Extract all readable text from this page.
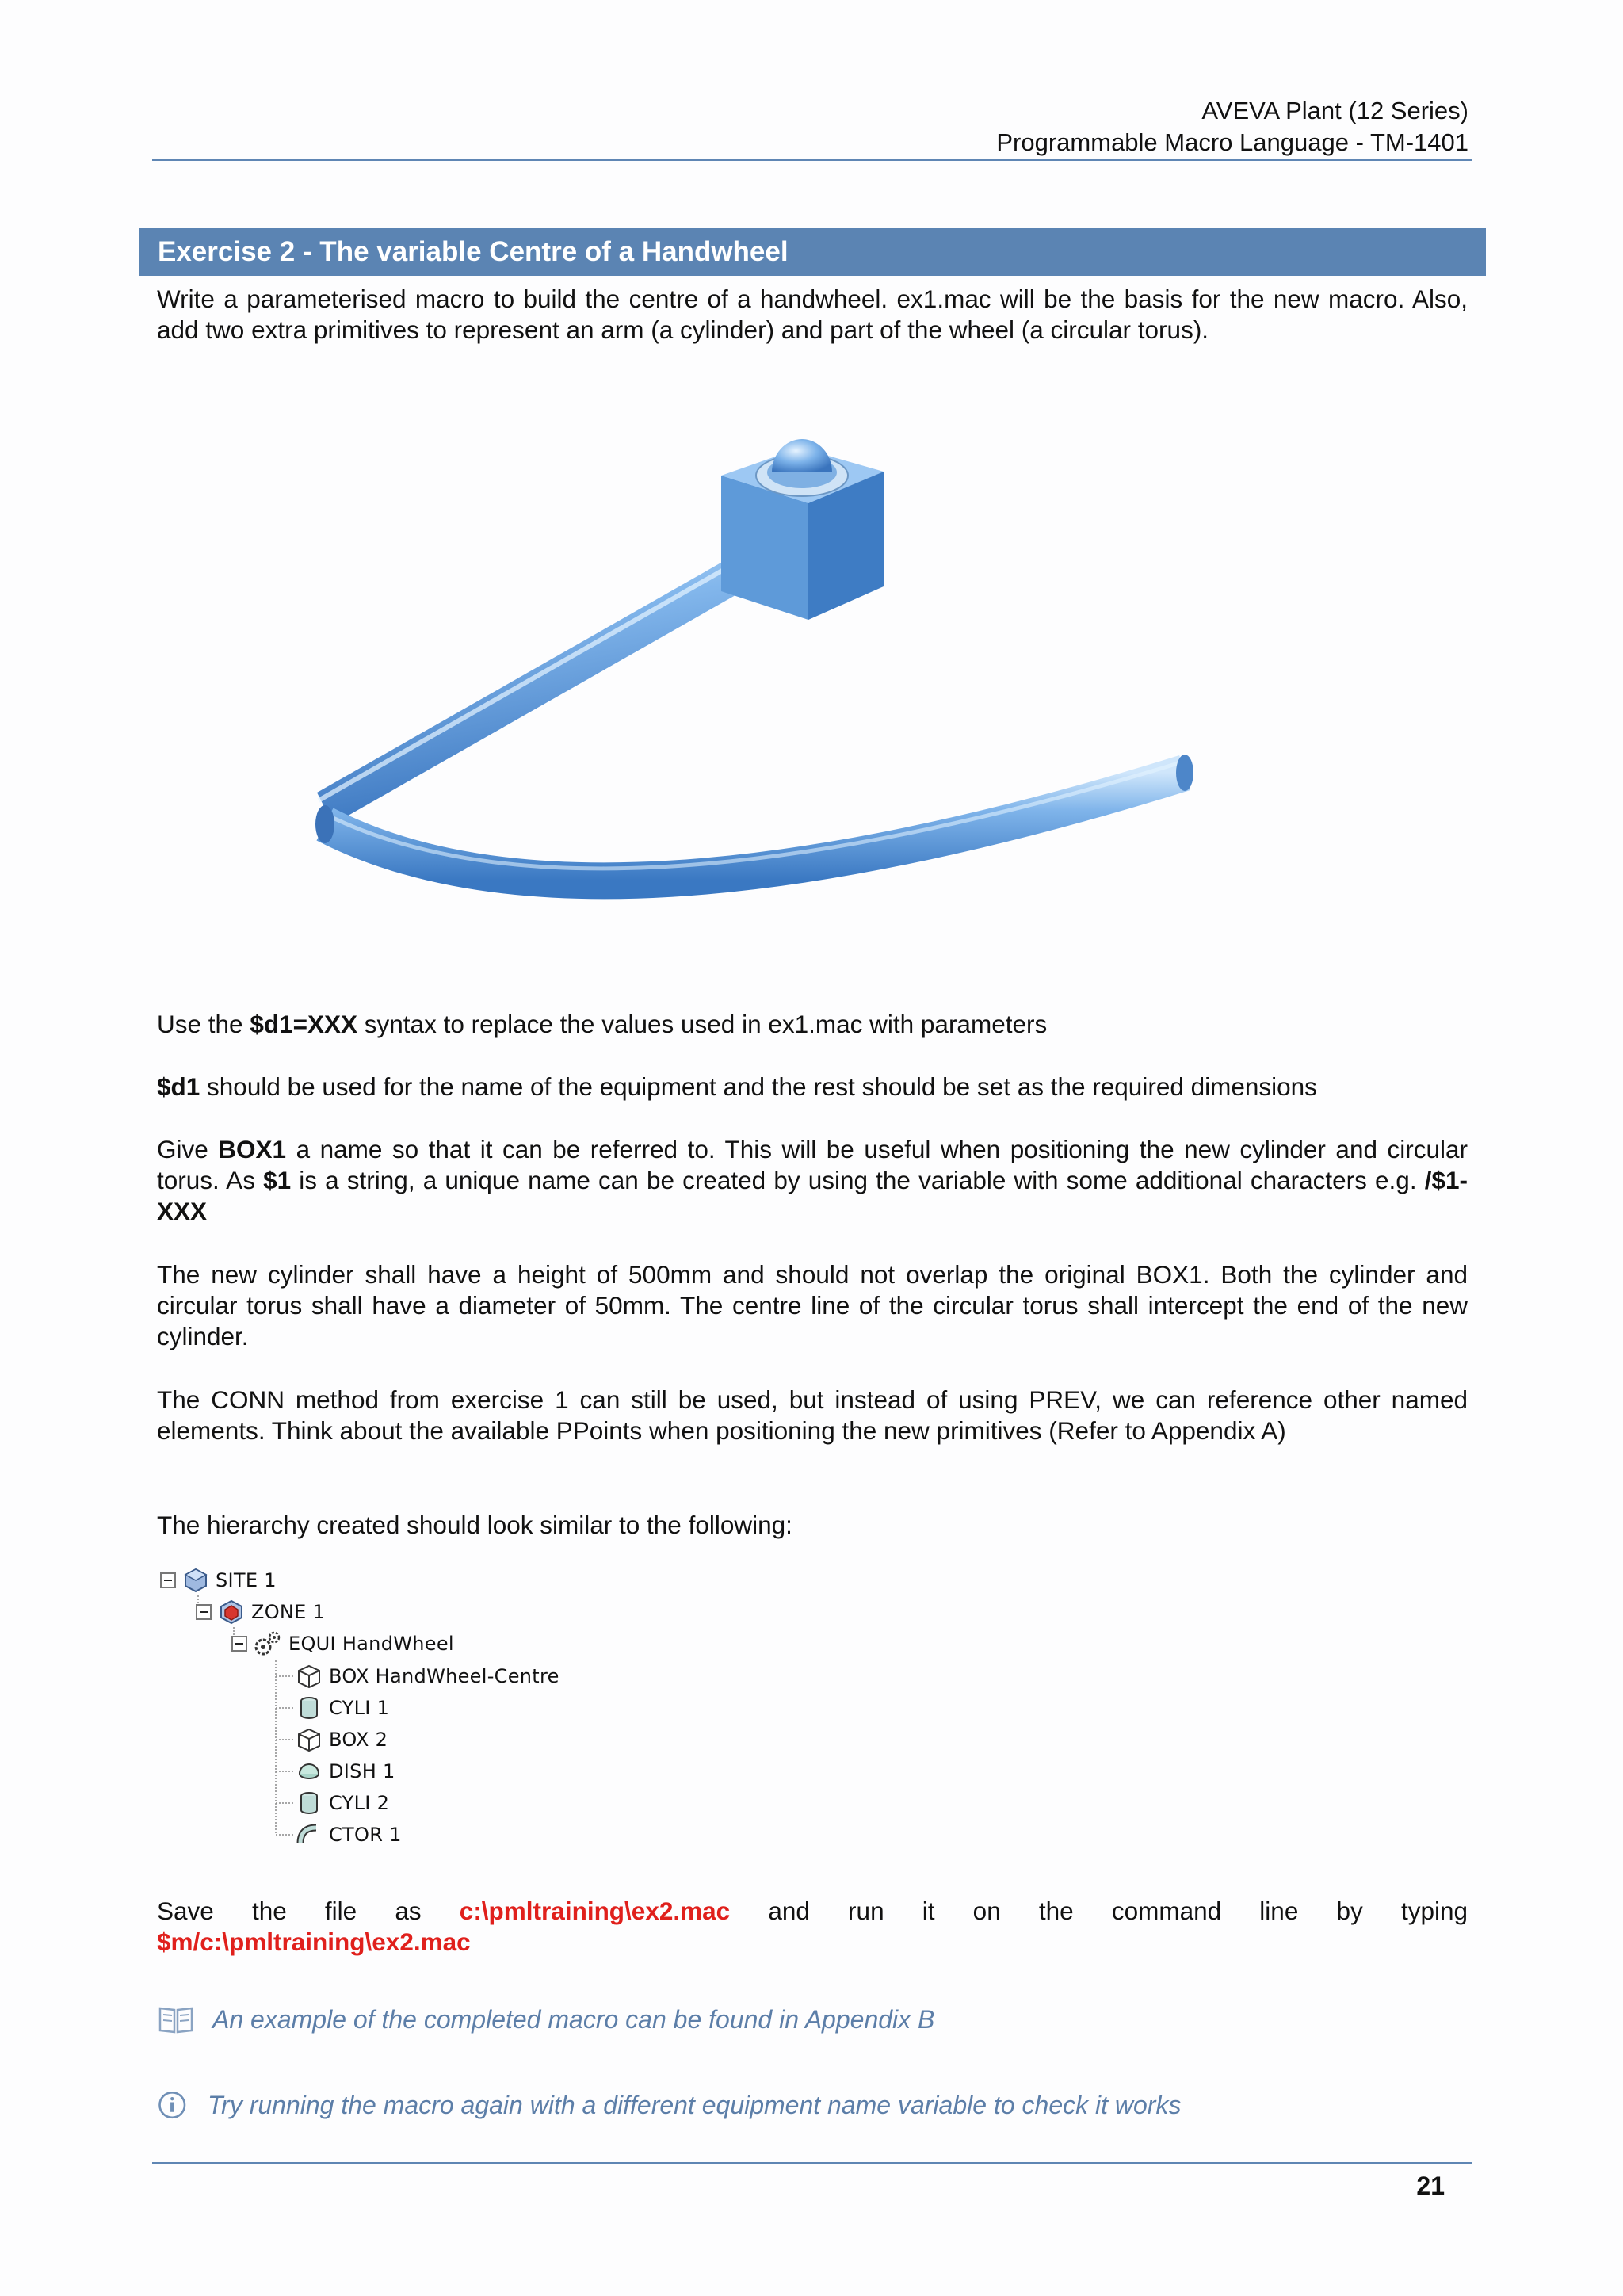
AVEVA Plant (12 Series)
Programmable Macro Language - TM-1401
Exercise 2 - The variable Centre of a Handwheel
Write a parameterised macro to build the centre of a handwheel. ex1.mac will be the basis for the new macro. Also, add two extra primitives to represent an arm (a cylinder) and part of the wheel (a circular torus).
Use the $d1=XXX syntax to replace the values used in ex1.mac with parameters
$d1 should be used for the name of the equipment and the rest should be set as the required dimensions
Give BOX1 a name so that it can be referred to. This will be useful when positioning the new cylinder and circular torus. As $1 is a string, a unique name can be created by using the variable with some additional characters e.g. /$1-XXX
The new cylinder shall have a height of 500mm and should not overlap the original BOX1. Both the cylinder and circular torus shall have a diameter of 50mm. The centre line of the circular torus shall intercept the end of the new cylinder.
The CONN method from exercise 1 can still be used, but instead of using PREV, we can reference other named elements. Think about the available PPoints when positioning the new primitives (Refer to Appendix A)
The hierarchy created should look similar to the following:
SITE 1
ZONE 1
EQUI HandWheel
BOX HandWheel-Centre
CYLI 1
BOX 2
DISH 1
CYLI 2
CTOR 1
Save the file as c:\pmltraining\ex2.mac and run it on the command line by typing
$m/c:\pmltraining\ex2.mac
An example of the completed macro can be found in Appendix B
Try running the macro again with a different equipment name variable to check it works
21
